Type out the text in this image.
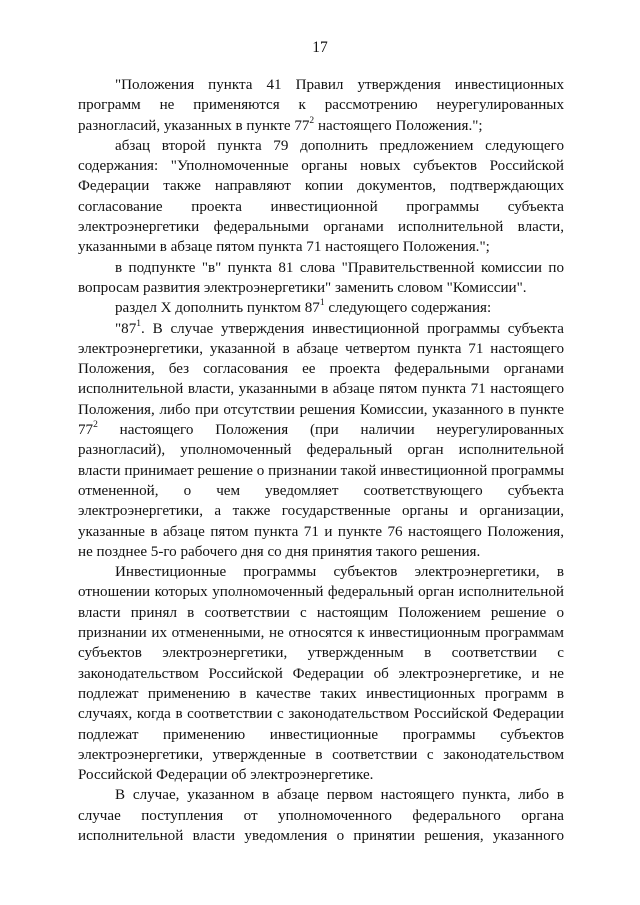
17

"Положения пункта 41 Правил утверждения инвестиционных программ не применяются к рассмотрению неурегулированных разногласий, указанных в пункте $77^2$ настоящего Положения.";

абзац второй пункта 79 дополнить предложением следующего содержания: "Уполномоченные органы новых субъектов Российской Федерации также направляют копии документов, подтверждающих согласование проекта инвестиционной программы субъекта электроэнергетики федеральными органами исполнительной власти, указанными в абзаце пятом пункта 71 настоящего Положения.";

в подпункте "в" пункта 81 слова "Правительственной комиссии по вопросам развития электроэнергетики" заменить словом "Комиссии".

раздел X дополнить пунктом $87^1$ следующего содержания:

"$87^1$. В случае утверждения инвестиционной программы субъекта электроэнергетики, указанной в абзаце четвертом пункта 71 настоящего Положения, без согласования ее проекта федеральными органами исполнительной власти, указанными в абзаце пятом пункта 71 настоящего Положения, либо при отсутствии решения Комиссии, указанного в пункте $77^2$ настоящего Положения (при наличии неурегулированных разногласий), уполномоченный федеральный орган исполнительной власти принимает решение о признании такой инвестиционной программы отмененной, о чем уведомляет соответствующего субъекта электроэнергетики, а также государственные органы и организации, указанные в абзаце пятом пункта 71 и пункте 76 настоящего Положения, не позднее 5-го рабочего дня со дня принятия такого решения.

Инвестиционные программы субъектов электроэнергетики, в отношении которых уполномоченный федеральный орган исполнительной власти принял в соответствии с настоящим Положением решение о признании их отмененными, не относятся к инвестиционным программам субъектов электроэнергетики, утвержденным в соответствии с законодательством Российской Федерации об электроэнергетике, и не подлежат применению в качестве таких инвестиционных программ в случаях, когда в соответствии с законодательством Российской Федерации подлежат применению инвестиционные программы субъектов электроэнергетики, утвержденные в соответствии с законодательством Российской Федерации об электроэнергетике.

В случае, указанном в абзаце первом настоящего пункта, либо в случае поступления от уполномоченного федерального органа исполнительной власти уведомления о принятии решения, указанного
